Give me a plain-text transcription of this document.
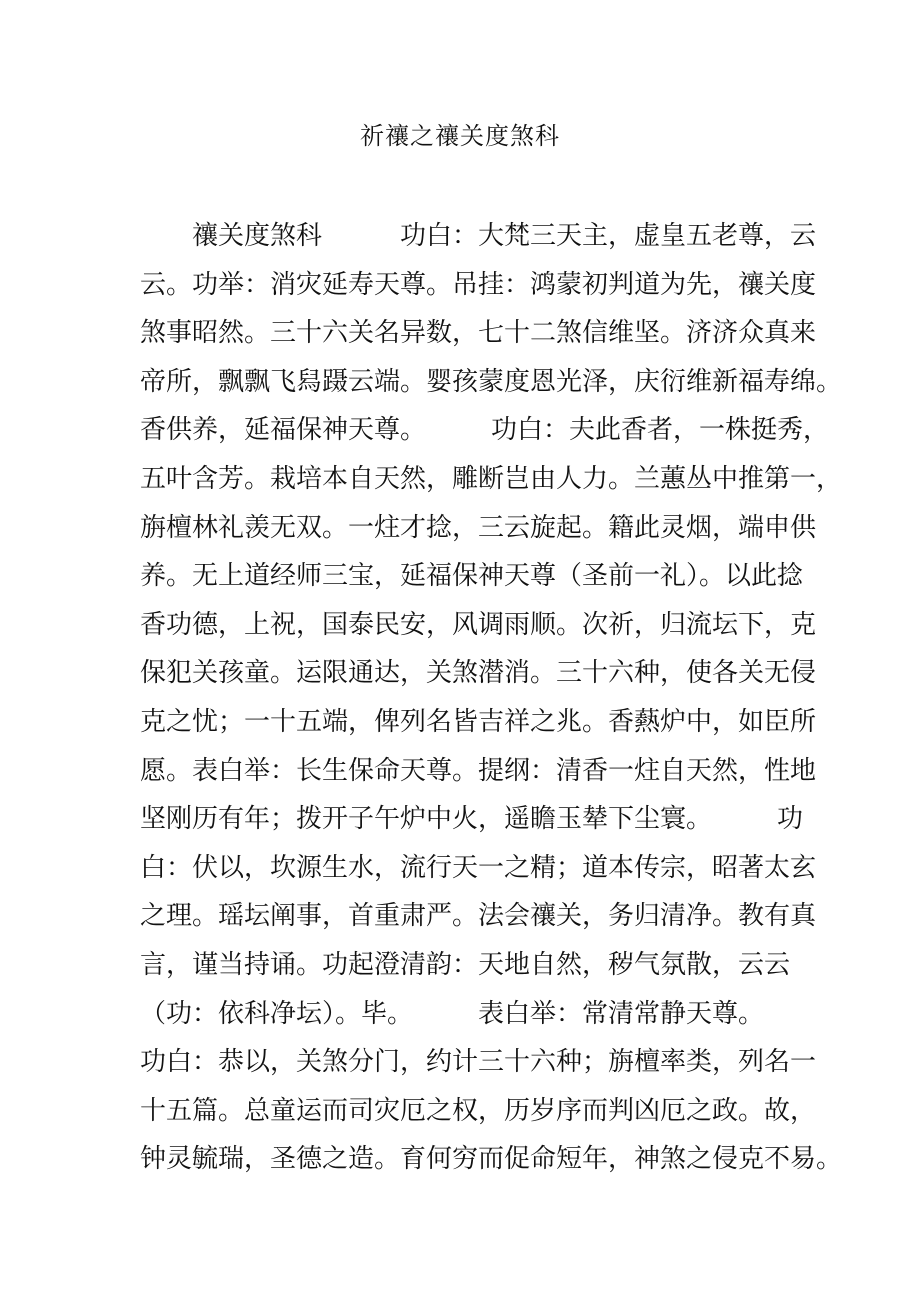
祈禳之禳关度煞科
　　禳关度煞科　　　功白：大梵三天主，虚皇五老尊，云
云。功举：消灾延寿天尊。吊挂：鸿蒙初判道为先，禳关度
煞事昭然。三十六关名异数，七十二煞信维坚。济济众真来
帝所，飘飘飞舄蹑云端。婴孩蒙度恩光泽，庆衍维新福寿绵。
香供养，延福保神天尊。　　　功白：夫此香者，一株挺秀，
五叶含芳。栽培本自天然，雕断岂由人力。兰蕙丛中推第一，
旃檀林礼羡无双。一炷才捻，三云旋起。籍此灵烟，端申供
养。无上道经师三宝，延福保神天尊（圣前一礼）。以此捻
香功德，上祝，国泰民安，风调雨顺。次祈，归流坛下，克
保犯关孩童。运限通达，关煞潜消。三十六种，使各关无侵
克之忧；一十五端，俾列名皆吉祥之兆。香爇炉中，如臣所
愿。表白举：长生保命天尊。提纲：清香一炷自天然，性地
坚刚历有年；拨开子午炉中火，遥瞻玉辇下尘寰。　　　功
白：伏以，坎源生水，流行天一之精；道本传宗，昭著太玄
之理。瑶坛阐事，首重肃严。法会禳关，务归清净。教有真
言，谨当持诵。功起澄清韵：天地自然，秽气氛散，云云
（功：依科净坛）。毕。　　　表白举：常清常静天尊。
功白：恭以，关煞分门，约计三十六种；旃檀率类，列名一
十五篇。总童运而司灾厄之权，历岁序而判凶厄之政。故，
钟灵毓瑞，圣德之造。育何穷而促命短年，神煞之侵克不易。
